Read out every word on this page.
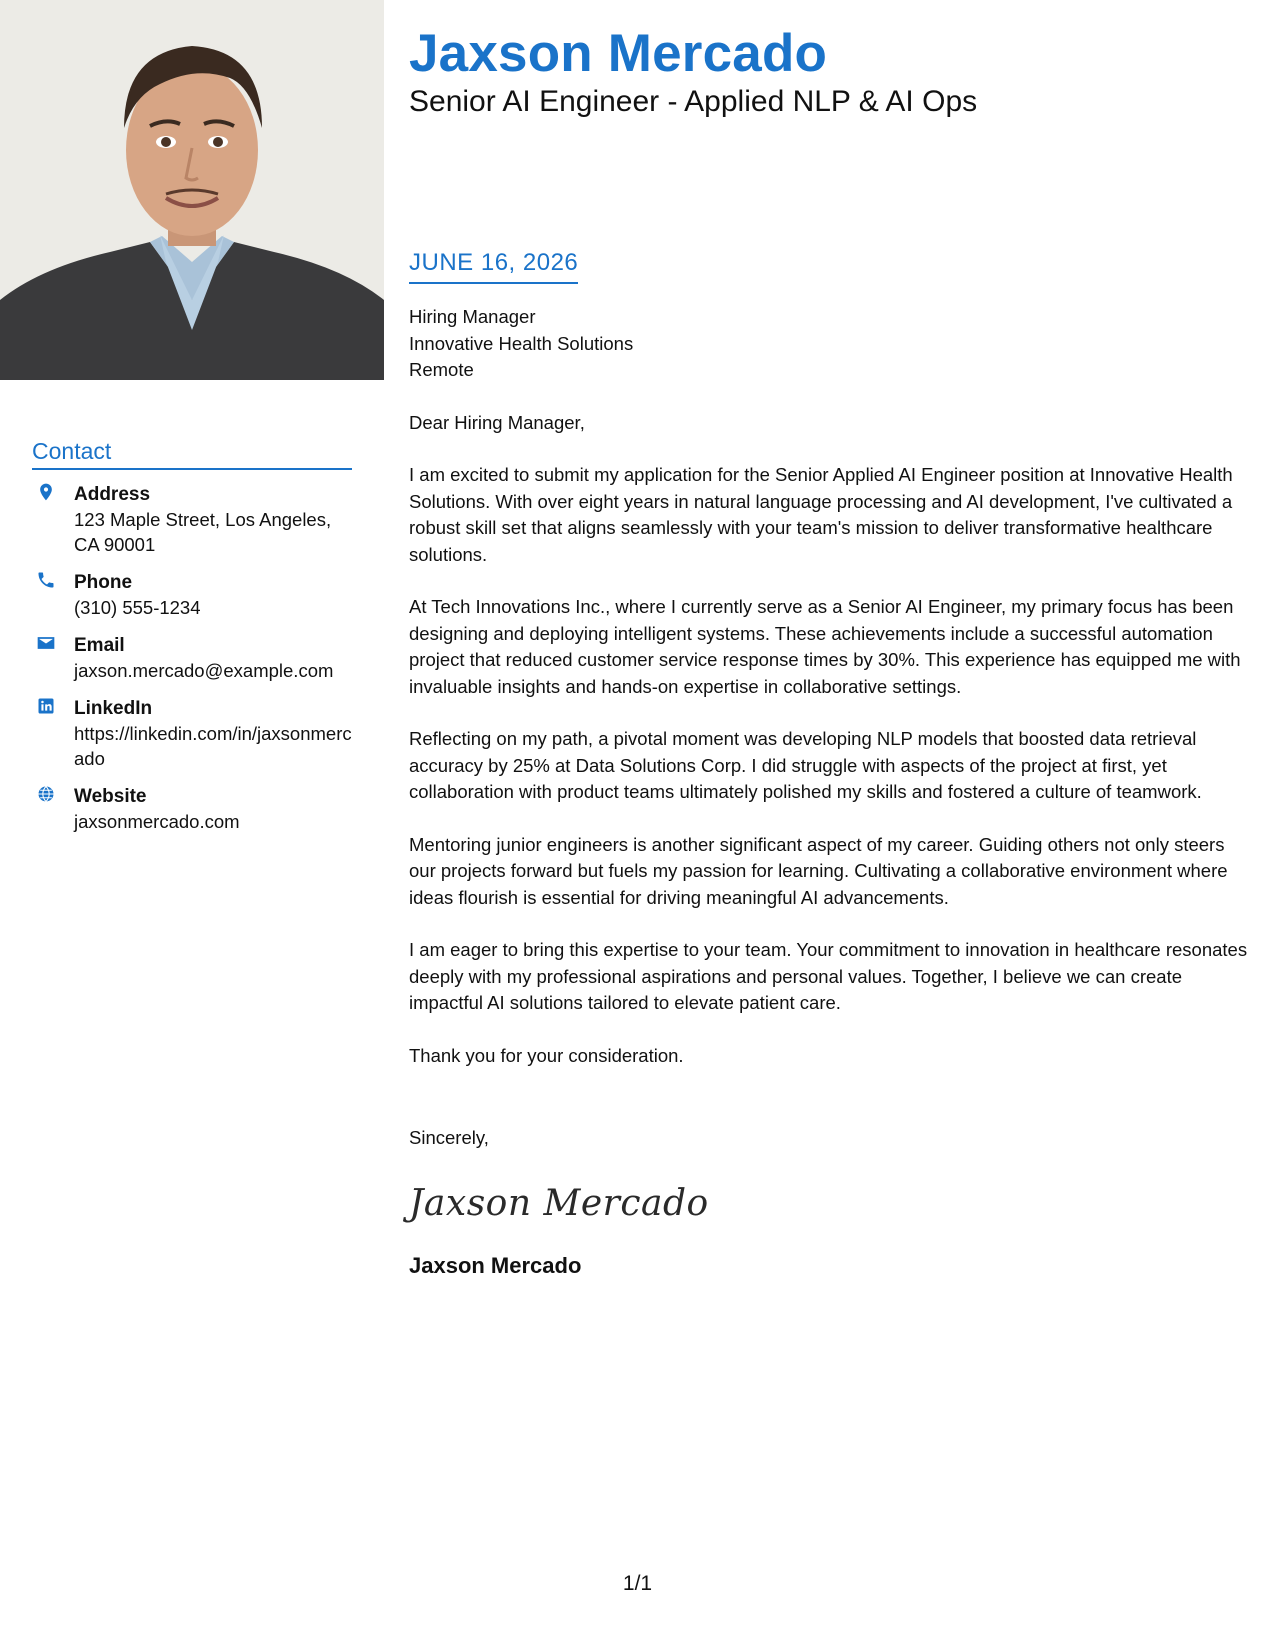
Contact
Address
123 Maple Street, Los Angeles, CA 90001
Phone
(310) 555-1234
Email
jaxson.mercado@example.com
LinkedIn
https://linkedin.com/in/jaxsonmercado
Website
jaxsonmercado.com
Jaxson Mercado
Senior AI Engineer - Applied NLP & AI Ops
JUNE 16, 2026
Hiring Manager
Innovative Health Solutions
Remote
Dear Hiring Manager,
I am excited to submit my application for the Senior Applied AI Engineer position at Innovative Health Solutions. With over eight years in natural language processing and AI development, I've cultivated a robust skill set that aligns seamlessly with your team's mission to deliver transformative healthcare solutions.
At Tech Innovations Inc., where I currently serve as a Senior AI Engineer, my primary focus has been designing and deploying intelligent systems. These achievements include a successful automation project that reduced customer service response times by 30%. This experience has equipped me with invaluable insights and hands-on expertise in collaborative settings.
Reflecting on my path, a pivotal moment was developing NLP models that boosted data retrieval accuracy by 25% at Data Solutions Corp. I did struggle with aspects of the project at first, yet collaboration with product teams ultimately polished my skills and fostered a culture of teamwork.
Mentoring junior engineers is another significant aspect of my career. Guiding others not only steers our projects forward but fuels my passion for learning. Cultivating a collaborative environment where ideas flourish is essential for driving meaningful AI advancements.
I am eager to bring this expertise to your team. Your commitment to innovation in healthcare resonates deeply with my professional aspirations and personal values. Together, I believe we can create impactful AI solutions tailored to elevate patient care.
Thank you for your consideration.
Sincerely,
Jaxson Mercado
Jaxson Mercado
1/1
